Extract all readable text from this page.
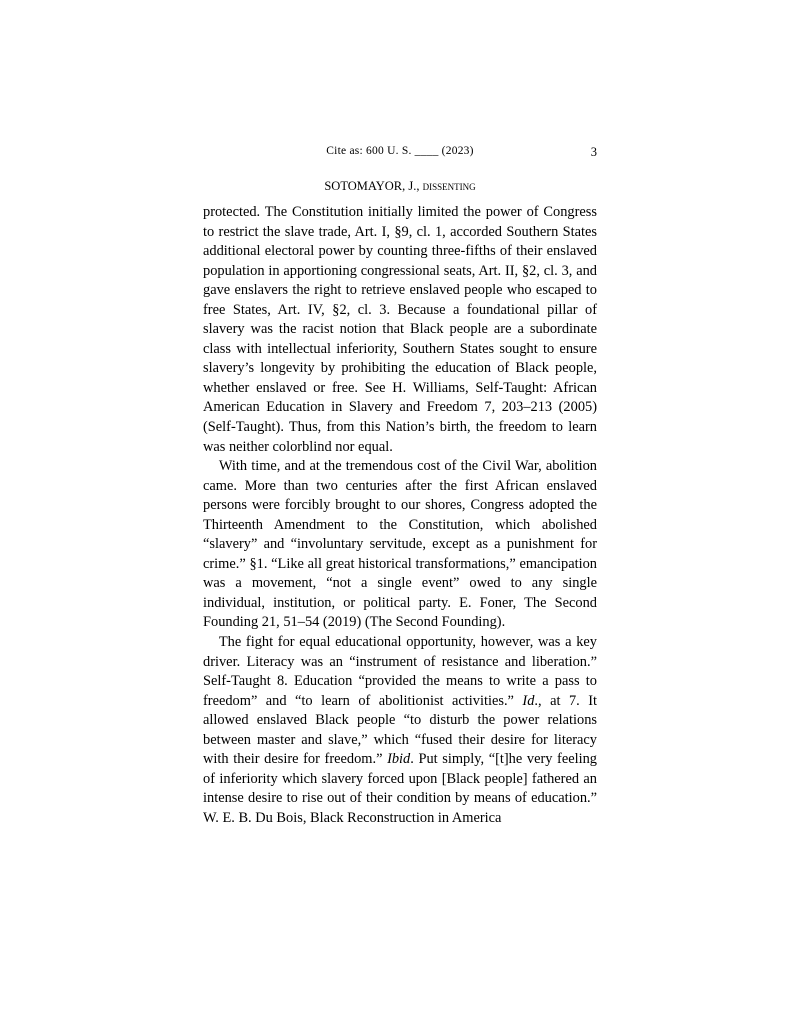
Cite as: 600 U. S. ____ (2023)	3
SOTOMAYOR, J., dissenting

protected. The Constitution initially limited the power of Congress to restrict the slave trade, Art. I, §9, cl. 1, accorded Southern States additional electoral power by counting three-fifths of their enslaved population in apportioning congressional seats, Art. II, §2, cl. 3, and gave enslavers the right to retrieve enslaved people who escaped to free States, Art. IV, §2, cl. 3. Because a foundational pillar of slavery was the racist notion that Black people are a subordinate class with intellectual inferiority, Southern States sought to ensure slavery’s longevity by prohibiting the education of Black people, whether enslaved or free. See H. Williams, Self-Taught: African American Education in Slavery and Freedom 7, 203–213 (2005) (Self-Taught). Thus, from this Nation’s birth, the freedom to learn was neither colorblind nor equal.

With time, and at the tremendous cost of the Civil War, abolition came. More than two centuries after the first African enslaved persons were forcibly brought to our shores, Congress adopted the Thirteenth Amendment to the Constitution, which abolished “slavery” and “involuntary servitude, except as a punishment for crime.” §1. “Like all great historical transformations,” emancipation was a movement, “not a single event” owed to any single individual, institution, or political party. E. Foner, The Second Founding 21, 51–54 (2019) (The Second Founding).

The fight for equal educational opportunity, however, was a key driver. Literacy was an “instrument of resistance and liberation.” Self-Taught 8. Education “provided the means to write a pass to freedom” and “to learn of abolitionist activities.” Id., at 7. It allowed enslaved Black people “to disturb the power relations between master and slave,” which “fused their desire for literacy with their desire for freedom.” Ibid. Put simply, “[t]he very feeling of inferiority which slavery forced upon [Black people] fathered an intense desire to rise out of their condition by means of education.” W. E. B. Du Bois, Black Reconstruction in America
